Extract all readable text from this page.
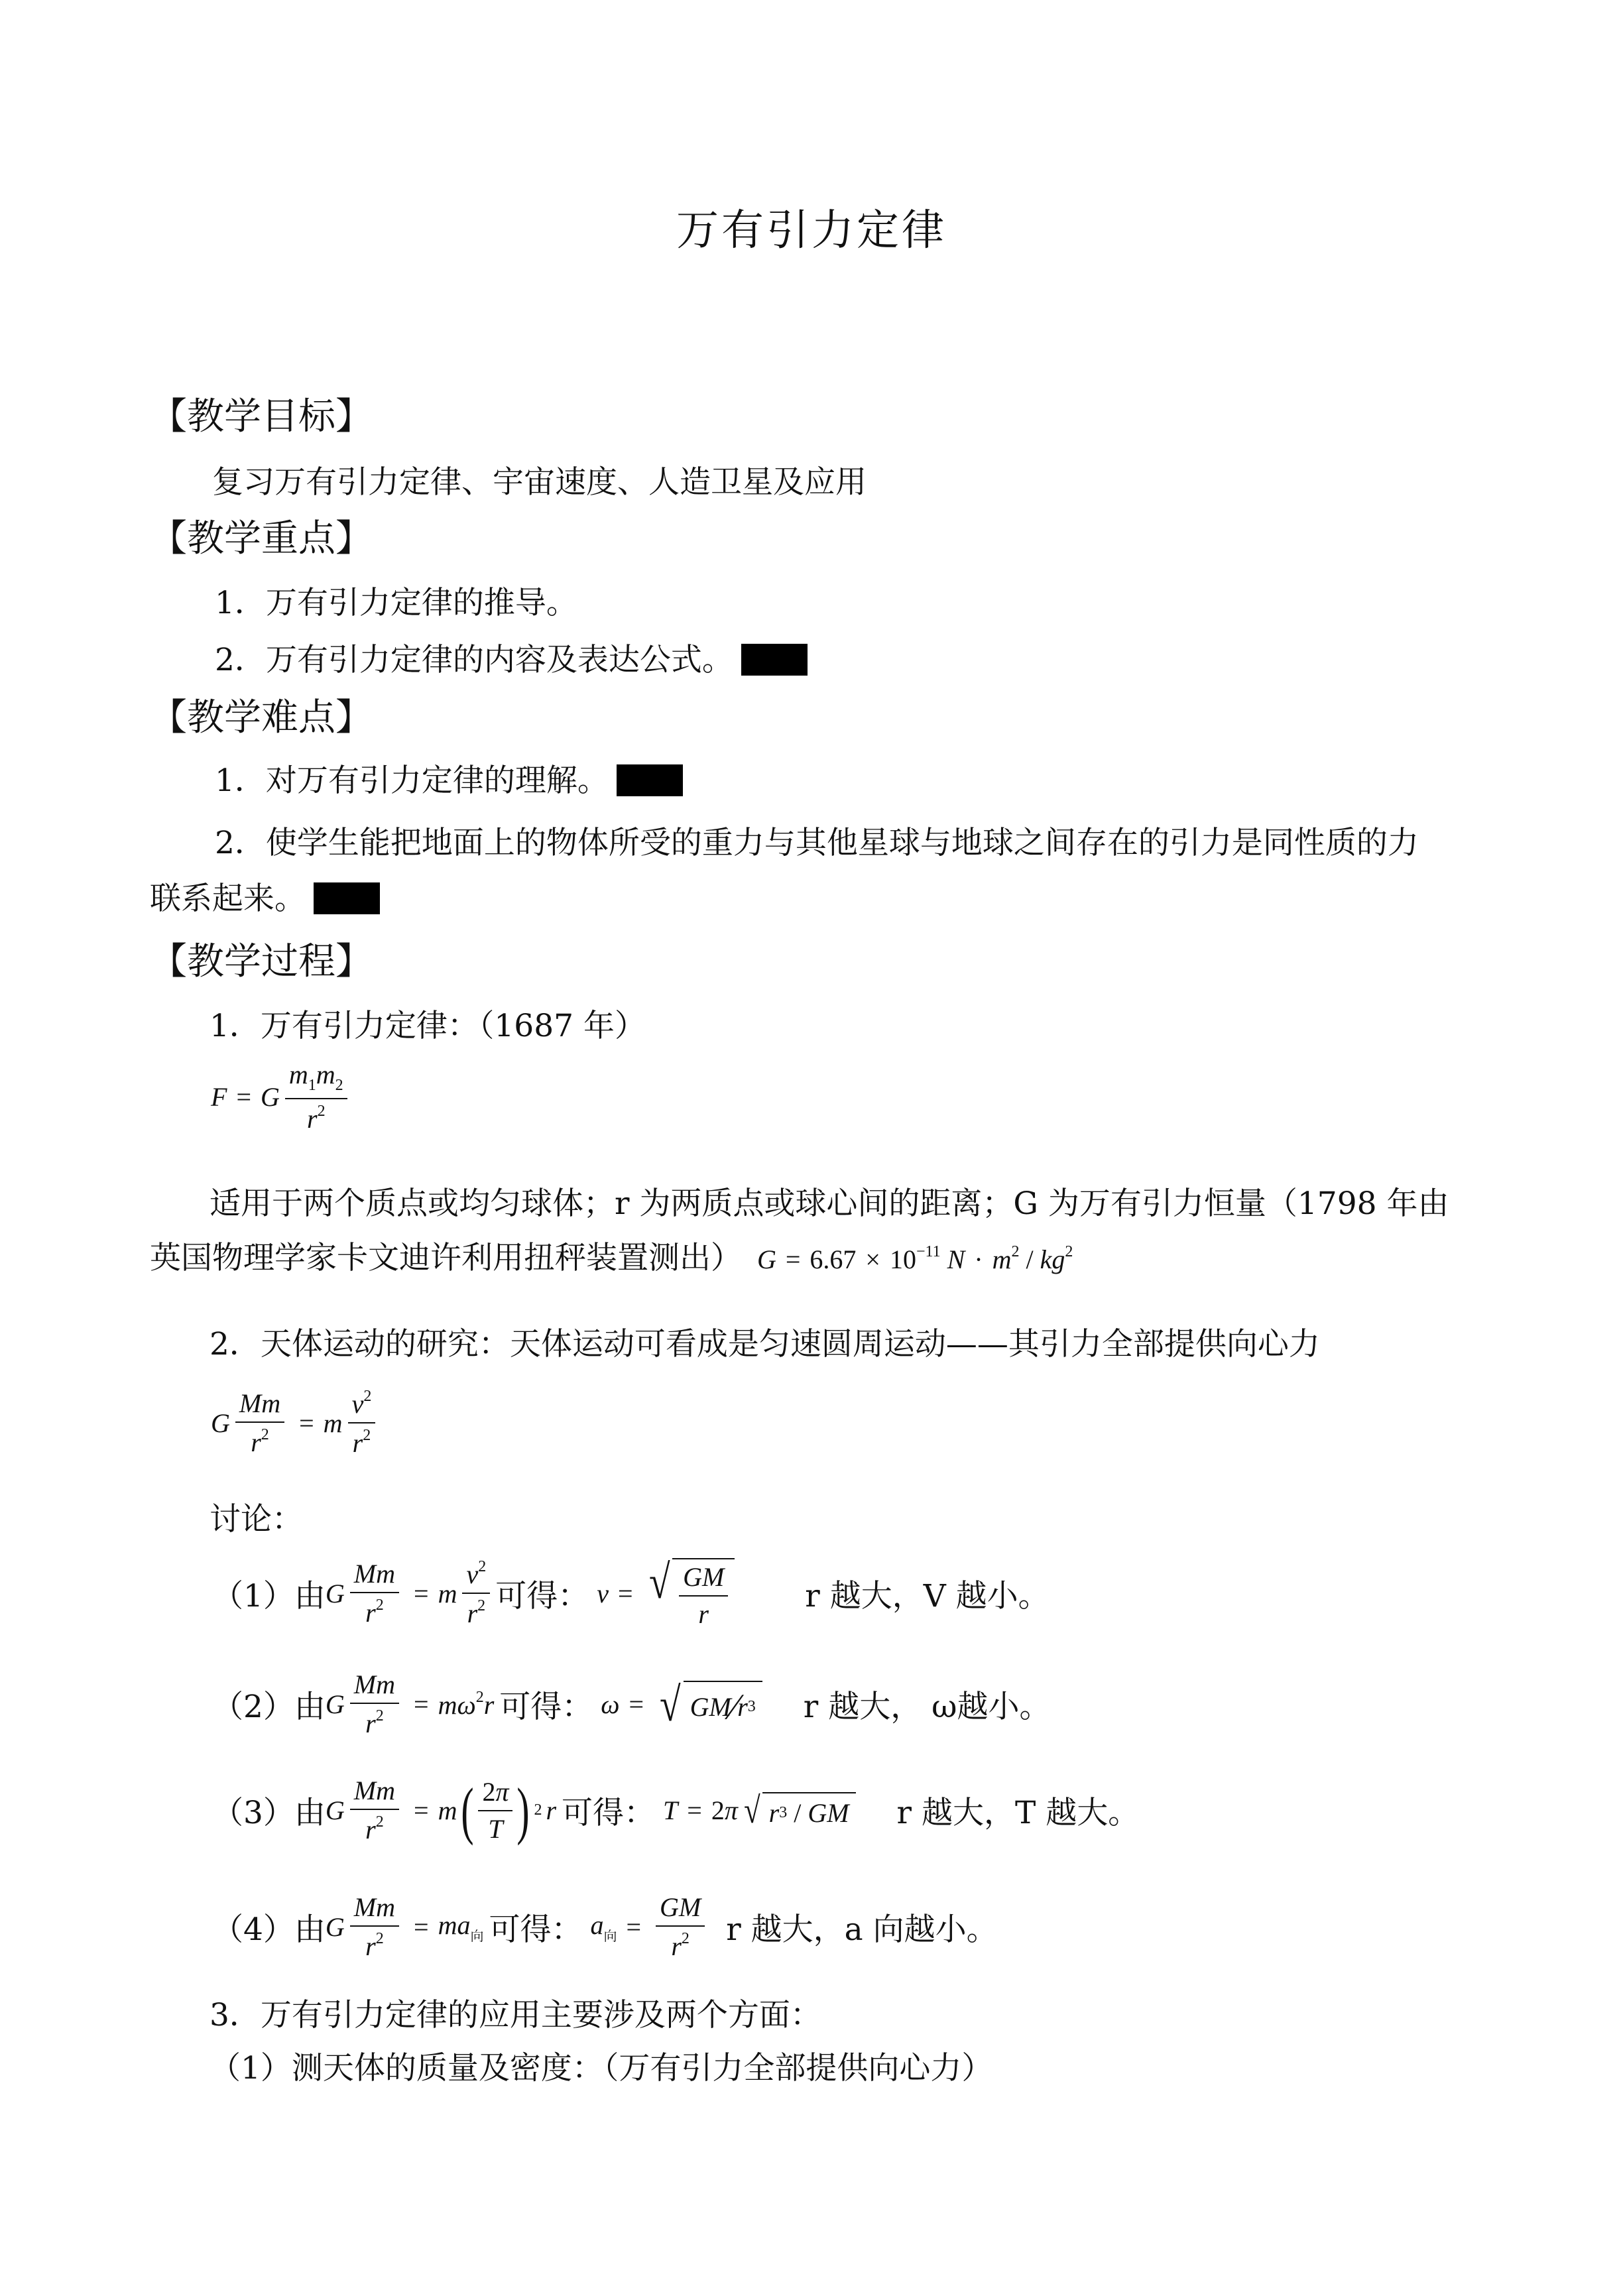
万有引力定律
【教学目标】
复习万有引力定律、宇宙速度、人造卫星及应用
【教学重点】
1．万有引力定律的推导。
2．万有引力定律的内容及表达公式。
【教学难点】
1．对万有引力定律的理解。
2．使学生能把地面上的物体所受的重力与其他星球与地球之间存在的引力是同性质的力
联系起来。
【教学过程】
1．万有引力定律：（1687 年）
F = G $\frac{m_1m_2}{r^2}$
适用于两个质点或均匀球体；r 为两质点或球心间的距离；G 为万有引力恒量（1798 年由
英国物理学家卡文迪许利用扭秤装置测出） $G = 6.67 \times 10^{-11}$ $N \cdot m^2 / kg^2$
2．天体运动的研究：天体运动可看成是匀速圆周运动——其引力全部提供向心力
G $\frac{Mm}{r^2} = m \frac{v^2}{r^2}$
讨论：
（1）由 G $\frac{Mm}{r^2} = m \frac{v^2}{r^2}$ 可得： v = √ $\frac{GM}{r}$ r 越大，V 越小。
（2）由 G $\frac{Mm}{r^2} = m\omega^2r$ 可得： ω = √ GM ⁄ r 3 r 越大， ω越小。
（3）由 G $\frac{Mm}{r^2} = m$ ( $\frac{2\pi}{T}$ ) 2 r 可得： T = 2π √ r 3 / GM r 越大，T 越大。
（4）由 G $\frac{Mm}{r^2} = ma_向$ 可得： $a_向 = \frac{GM}{r^2}$ r 越大，a 向越小。
3．万有引力定律的应用主要涉及两个方面：
（1）测天体的质量及密度：（万有引力全部提供向心力）
